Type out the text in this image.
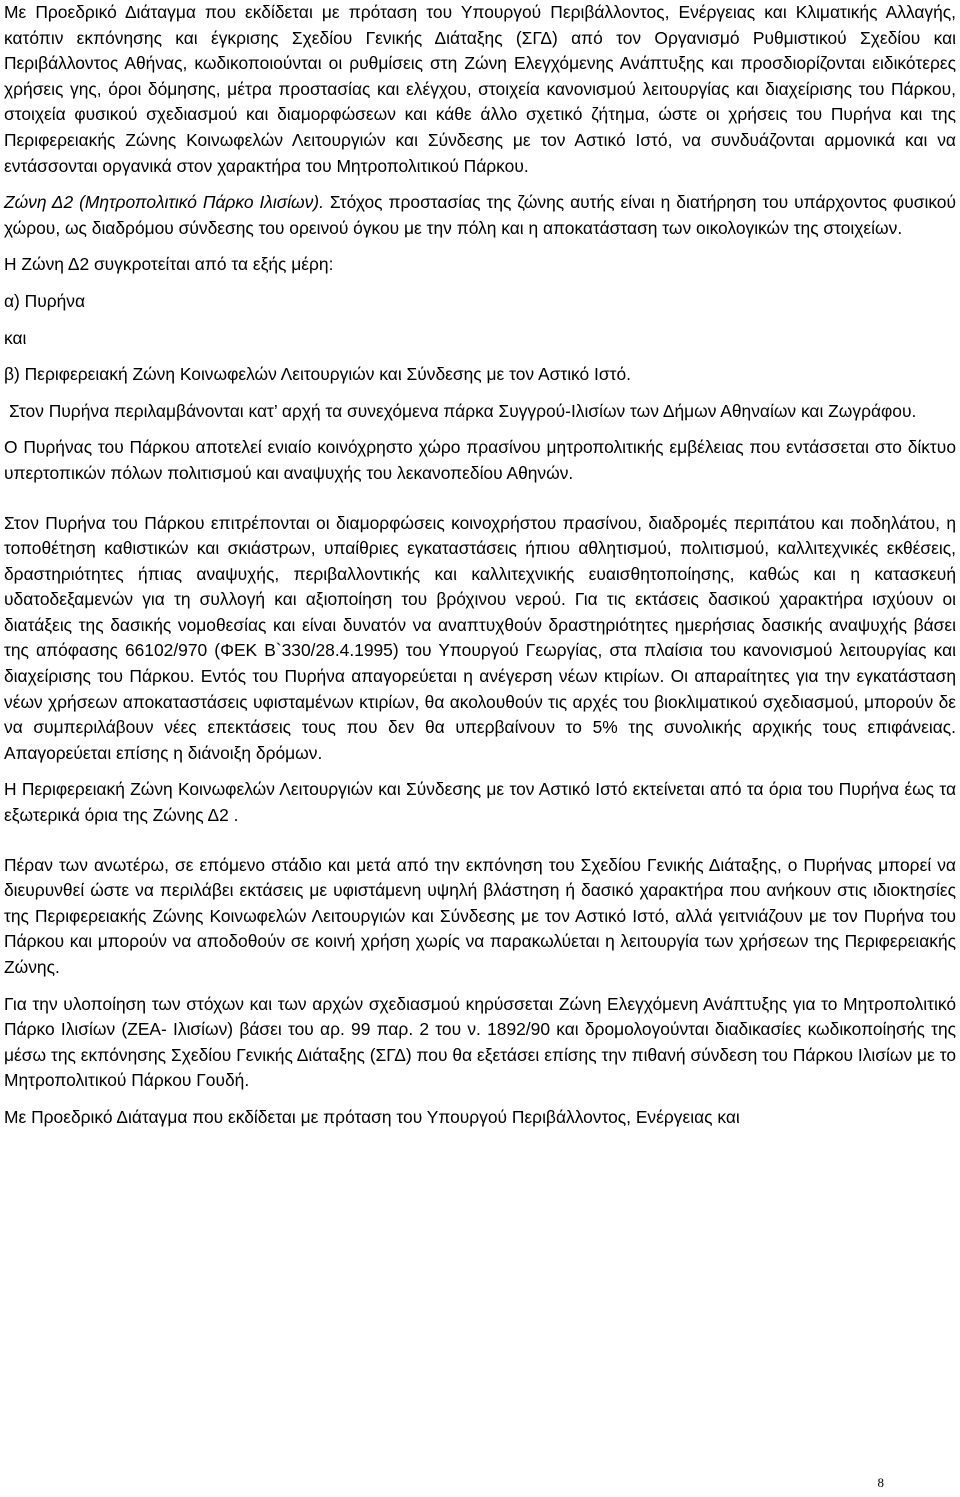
Με Προεδρικό Διάταγμα που εκδίδεται με πρόταση του Υπουργού Περιβάλλοντος, Ενέργειας και Κλιματικής Αλλαγής, κατόπιν εκπόνησης και έγκρισης Σχεδίου Γενικής Διάταξης (ΣΓΔ) από τον Οργανισμό Ρυθμιστικού Σχεδίου και Περιβάλλοντος Αθήνας, κωδικοποιούνται οι ρυθμίσεις στη Ζώνη Ελεγχόμενης Ανάπτυξης και προσδιορίζονται ειδικότερες χρήσεις γης, όροι δόμησης, μέτρα προστασίας και ελέγχου, στοιχεία κανονισμού λειτουργίας και διαχείρισης του Πάρκου, στοιχεία φυσικού σχεδιασμού και διαμορφώσεων και κάθε άλλο σχετικό ζήτημα, ώστε οι χρήσεις του Πυρήνα και της Περιφερειακής Ζώνης Κοινωφελών Λειτουργιών και Σύνδεσης με τον Αστικό Ιστό, να συνδυάζονται αρμονικά και να εντάσσονται οργανικά στον χαρακτήρα του Μητροπολιτικού Πάρκου.

Ζώνη Δ2 (Μητροπολιτικό Πάρκο Ιλισίων). Στόχος προστασίας της ζώνης αυτής είναι η διατήρηση του υπάρχοντος φυσικού χώρου, ως διαδρόμου σύνδεσης του ορεινού όγκου με την πόλη και η αποκατάσταση των οικολογικών της στοιχείων.

Η Ζώνη Δ2 συγκροτείται από τα εξής μέρη:

α) Πυρήνα

και

β) Περιφερειακή Ζώνη Κοινωφελών Λειτουργιών και Σύνδεσης με τον Αστικό Ιστό.

Στον Πυρήνα περιλαμβάνονται κατ’ αρχή τα συνεχόμενα πάρκα Συγγρού-Ιλισίων των Δήμων Αθηναίων και Ζωγράφου.

Ο Πυρήνας του Πάρκου αποτελεί ενιαίο κοινόχρηστο χώρο πρασίνου μητροπολιτικής εμβέλειας που εντάσσεται στο δίκτυο υπερτοπικών πόλων πολιτισμού και αναψυχής του λεκανοπεδίου Αθηνών.

Στον Πυρήνα του Πάρκου επιτρέπονται οι διαμορφώσεις κοινοχρήστου πρασίνου, διαδρομές περιπάτου και ποδηλάτου, η τοποθέτηση καθιστικών και σκιάστρων, υπαίθριες εγκαταστάσεις ήπιου αθλητισμού, πολιτισμού, καλλιτεχνικές εκθέσεις, δραστηριότητες ήπιας αναψυχής, περιβαλλοντικής και καλλιτεχνικής ευαισθητοποίησης, καθώς και η κατασκευή υδατοδεξαμενών για τη συλλογή και αξιοποίηση του βρόχινου νερού. Για τις εκτάσεις δασικού χαρακτήρα ισχύουν οι διατάξεις της δασικής νομοθεσίας και είναι δυνατόν να αναπτυχθούν δραστηριότητες ημερήσιας δασικής αναψυχής βάσει της απόφασης 66102/970 (ΦΕΚ Β`330/28.4.1995) του Υπουργού Γεωργίας, στα πλαίσια του κανονισμού λειτουργίας και διαχείρισης του Πάρκου. Εντός του Πυρήνα απαγορεύεται η ανέγερση νέων κτιρίων. Οι απαραίτητες για την εγκατάσταση νέων χρήσεων αποκαταστάσεις υφισταμένων κτιρίων, θα ακολουθούν τις αρχές του βιοκλιματικού σχεδιασμού, μπορούν δε να συμπεριλάβουν νέες επεκτάσεις τους που δεν θα υπερβαίνουν το 5% της συνολικής αρχικής τους επιφάνειας. Απαγορεύεται επίσης η διάνοιξη δρόμων.

Η Περιφερειακή Ζώνη Κοινωφελών Λειτουργιών και Σύνδεσης με τον Αστικό Ιστό εκτείνεται από τα όρια του Πυρήνα έως τα εξωτερικά όρια της Ζώνης Δ2 .

Πέραν των ανωτέρω, σε επόμενο στάδιο και μετά από την εκπόνηση του Σχεδίου Γενικής Διάταξης, ο Πυρήνας μπορεί να διευρυνθεί ώστε να περιλάβει εκτάσεις με υφιστάμενη υψηλή βλάστηση ή δασικό χαρακτήρα που ανήκουν στις ιδιοκτησίες της Περιφερειακής Ζώνης Κοινωφελών Λειτουργιών και Σύνδεσης με τον Αστικό Ιστό, αλλά γειτνιάζουν με τον Πυρήνα του Πάρκου και μπορούν να αποδοθούν σε κοινή χρήση χωρίς να παρακωλύεται η λειτουργία των χρήσεων της Περιφερειακής Ζώνης.

Για την υλοποίηση των στόχων και των αρχών σχεδιασμού κηρύσσεται Ζώνη Ελεγχόμενη Ανάπτυξης για το Μητροπολιτικό Πάρκο Ιλισίων (ΖΕΑ- Ιλισίων) βάσει του αρ. 99 παρ. 2 του ν. 1892/90 και δρομολογούνται διαδικασίες κωδικοποίησής της μέσω της εκπόνησης Σχεδίου Γενικής Διάταξης (ΣΓΔ) που θα εξετάσει επίσης την πιθανή σύνδεση του Πάρκου Ιλισίων με το Μητροπολιτικού Πάρκου Γουδή.

Με Προεδρικό Διάταγμα που εκδίδεται με πρόταση του Υπουργού Περιβάλλοντος, Ενέργειας και

8
